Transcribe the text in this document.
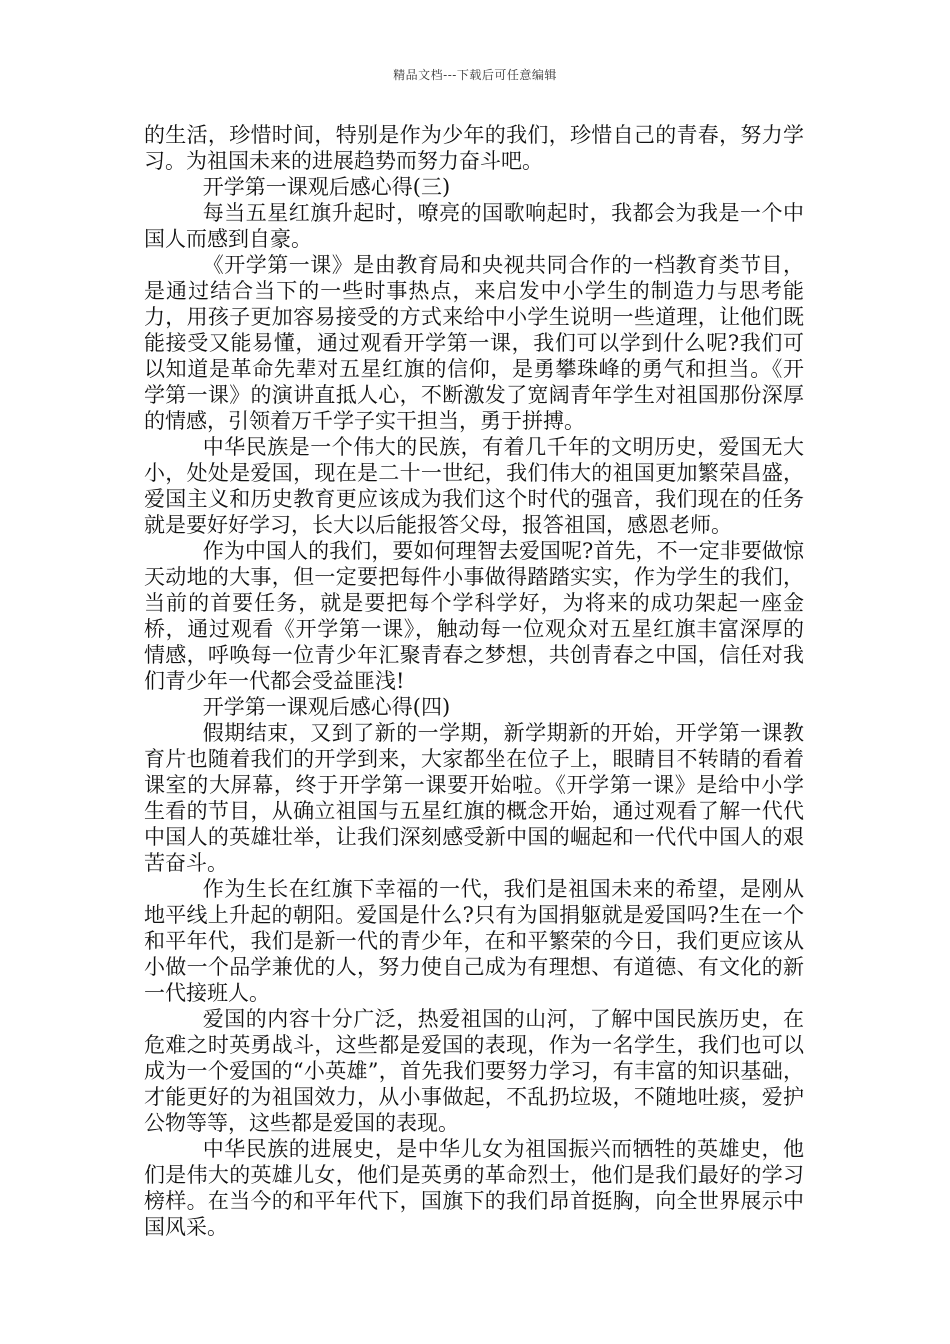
精品文档---下载后可任意编辑

的生活，珍惜时间，特别是作为少年的我们，珍惜自己的青春，努力学习。为祖国未来的进展趋势而努力奋斗吧。

开学第一课观后感心得(三)

每当五星红旗升起时，嘹亮的国歌响起时，我都会为我是一个中国人而感到自豪。

《开学第一课》是由教育局和央视共同合作的一档教育类节目，是通过结合当下的一些时事热点，来启发中小学生的制造力与思考能力，用孩子更加容易接受的方式来给中小学生说明一些道理，让他们既能接受又能易懂，通过观看开学第一课，我们可以学到什么呢?我们可以知道是革命先辈对五星红旗的信仰，是勇攀珠峰的勇气和担当。《开学第一课》的演讲直抵人心，不断激发了宽阔青年学生对祖国那份深厚的情感，引领着万千学子实干担当，勇于拼搏。

中华民族是一个伟大的民族，有着几千年的文明历史，爱国无大小，处处是爱国，现在是二十一世纪，我们伟大的祖国更加繁荣昌盛，爱国主义和历史教育更应该成为我们这个时代的强音，我们现在的任务就是要好好学习，长大以后能报答父母，报答祖国，感恩老师。

作为中国人的我们，要如何理智去爱国呢?首先，不一定非要做惊天动地的大事，但一定要把每件小事做得踏踏实实，作为学生的我们，当前的首要任务，就是要把每个学科学好，为将来的成功架起一座金桥，通过观看《开学第一课》，触动每一位观众对五星红旗丰富深厚的情感，呼唤每一位青少年汇聚青春之梦想，共创青春之中国，信任对我们青少年一代都会受益匪浅!

开学第一课观后感心得(四)

假期结束，又到了新的一学期，新学期新的开始，开学第一课教育片也随着我们的开学到来，大家都坐在位子上，眼睛目不转睛的看着课室的大屏幕，终于开学第一课要开始啦。《开学第一课》是给中小学生看的节目，从确立祖国与五星红旗的概念开始，通过观看了解一代代中国人的英雄壮举，让我们深刻感受新中国的崛起和一代代中国人的艰苦奋斗。

作为生长在红旗下幸福的一代，我们是祖国未来的希望，是刚从地平线上升起的朝阳。爱国是什么?只有为国捐躯就是爱国吗?生在一个和平年代，我们是新一代的青少年，在和平繁荣的今日，我们更应该从小做一个品学兼优的人，努力使自己成为有理想、有道德、有文化的新一代接班人。

爱国的内容十分广泛，热爱祖国的山河，了解中国民族历史，在危难之时英勇战斗，这些都是爱国的表现，作为一名学生，我们也可以成为一个爱国的“小英雄”，首先我们要努力学习，有丰富的知识基础，才能更好的为祖国效力，从小事做起，不乱扔垃圾，不随地吐痰，爱护公物等等，这些都是爱国的表现。

中华民族的进展史，是中华儿女为祖国振兴而牺牲的英雄史，他们是伟大的英雄儿女，他们是英勇的革命烈士，他们是我们最好的学习榜样。在当今的和平年代下，国旗下的我们昂首挺胸，向全世界展示中国风采。
